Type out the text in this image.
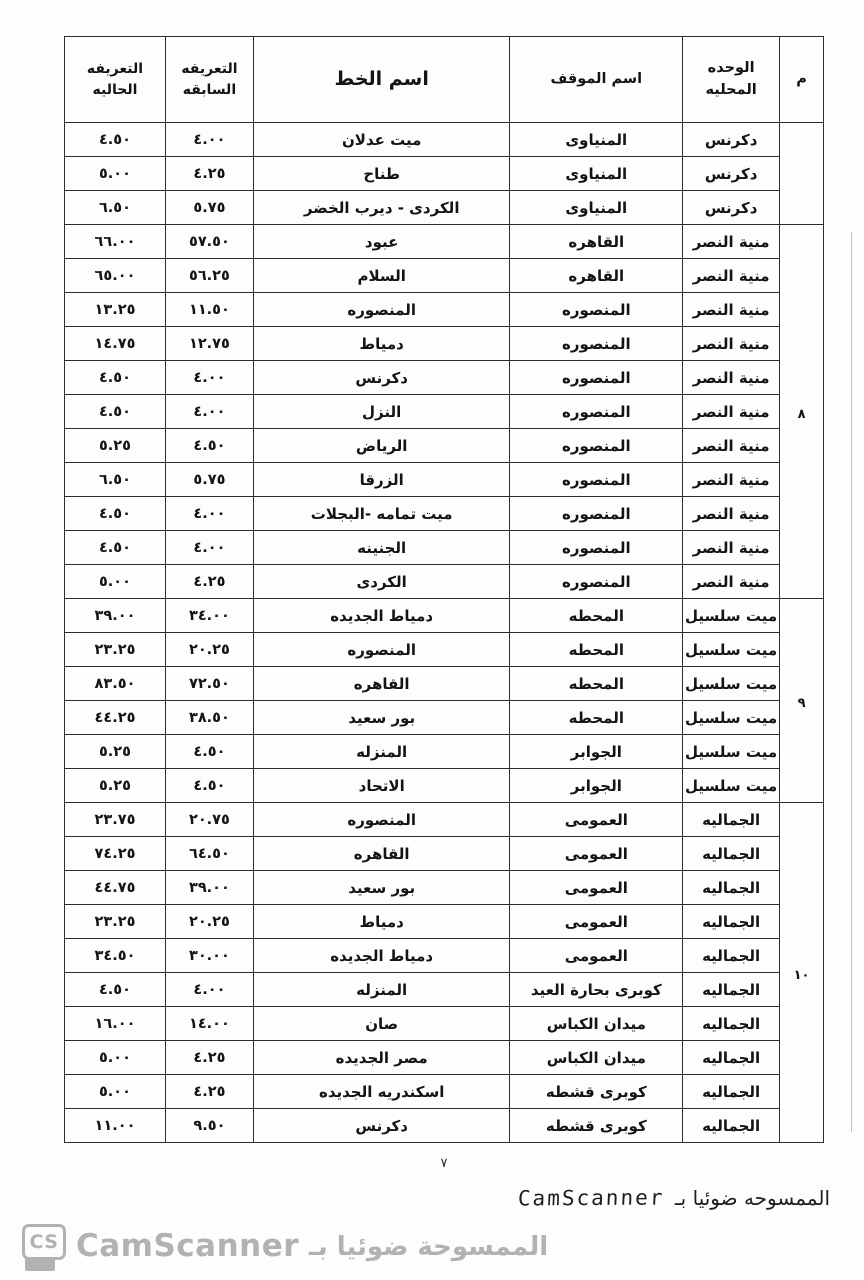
م	الوحده المحليه	اسم الموقف	اسم الخط	التعريفه السابقه	التعريفه الحاليه
	دكرنس	المنياوى	ميت عدلان	٤.٠٠	٤.٥٠
	دكرنس	المنياوى	طناح	٤.٢٥	٥.٠٠
	دكرنس	المنياوى	الكردى - ديرب الخضر	٥.٧٥	٦.٥٠
٨	منية النصر	القاهره	عبود	٥٧.٥٠	٦٦.٠٠
	منية النصر	القاهره	السلام	٥٦.٢٥	٦٥.٠٠
	منية النصر	المنصوره	المنصوره	١١.٥٠	١٣.٢٥
	منية النصر	المنصوره	دمياط	١٢.٧٥	١٤.٧٥
	منية النصر	المنصوره	دكرنس	٤.٠٠	٤.٥٠
	منية النصر	المنصوره	النزل	٤.٠٠	٤.٥٠
	منية النصر	المنصوره	الرياض	٤.٥٠	٥.٢٥
	منية النصر	المنصوره	الزرقا	٥.٧٥	٦.٥٠
	منية النصر	المنصوره	ميت تمامه -البجلات	٤.٠٠	٤.٥٠
	منية النصر	المنصوره	الجنينه	٤.٠٠	٤.٥٠
	منية النصر	المنصوره	الكردى	٤.٢٥	٥.٠٠
٩	ميت سلسيل	المحطه	دمياط الجديده	٣٤.٠٠	٣٩.٠٠
	ميت سلسيل	المحطه	المنصوره	٢٠.٢٥	٢٣.٢٥
	ميت سلسيل	المحطه	القاهره	٧٢.٥٠	٨٣.٥٠
	ميت سلسيل	المحطه	بور سعيد	٣٨.٥٠	٤٤.٢٥
	ميت سلسيل	الجوابر	المنزله	٤.٥٠	٥.٢٥
	ميت سلسيل	الجوابر	الاتحاد	٤.٥٠	٥.٢٥
١٠	الجماليه	العمومى	المنصوره	٢٠.٧٥	٢٣.٧٥
	الجماليه	العمومى	القاهره	٦٤.٥٠	٧٤.٢٥
	الجماليه	العمومى	بور سعيد	٣٩.٠٠	٤٤.٧٥
	الجماليه	العمومى	دمياط	٢٠.٢٥	٢٣.٢٥
	الجماليه	العمومى	دمياط الجديده	٣٠.٠٠	٣٤.٥٠
	الجماليه	كوبرى بحارة العيد	المنزله	٤.٠٠	٤.٥٠
	الجماليه	ميدان الكباس	صان	١٤.٠٠	١٦.٠٠
	الجماليه	ميدان الكباس	مصر الجديده	٤.٢٥	٥.٠٠
	الجماليه	كوبرى قشطه	اسكندريه الجديده	٤.٢٥	٥.٠٠
	الجماليه	كوبرى قشطه	دكرنس	٩.٥٠	١١.٠٠
٧
الممسوحه ضوئيا بـ
CamScanner
CS CamScanner الممسوحة ضوئيا بـ
